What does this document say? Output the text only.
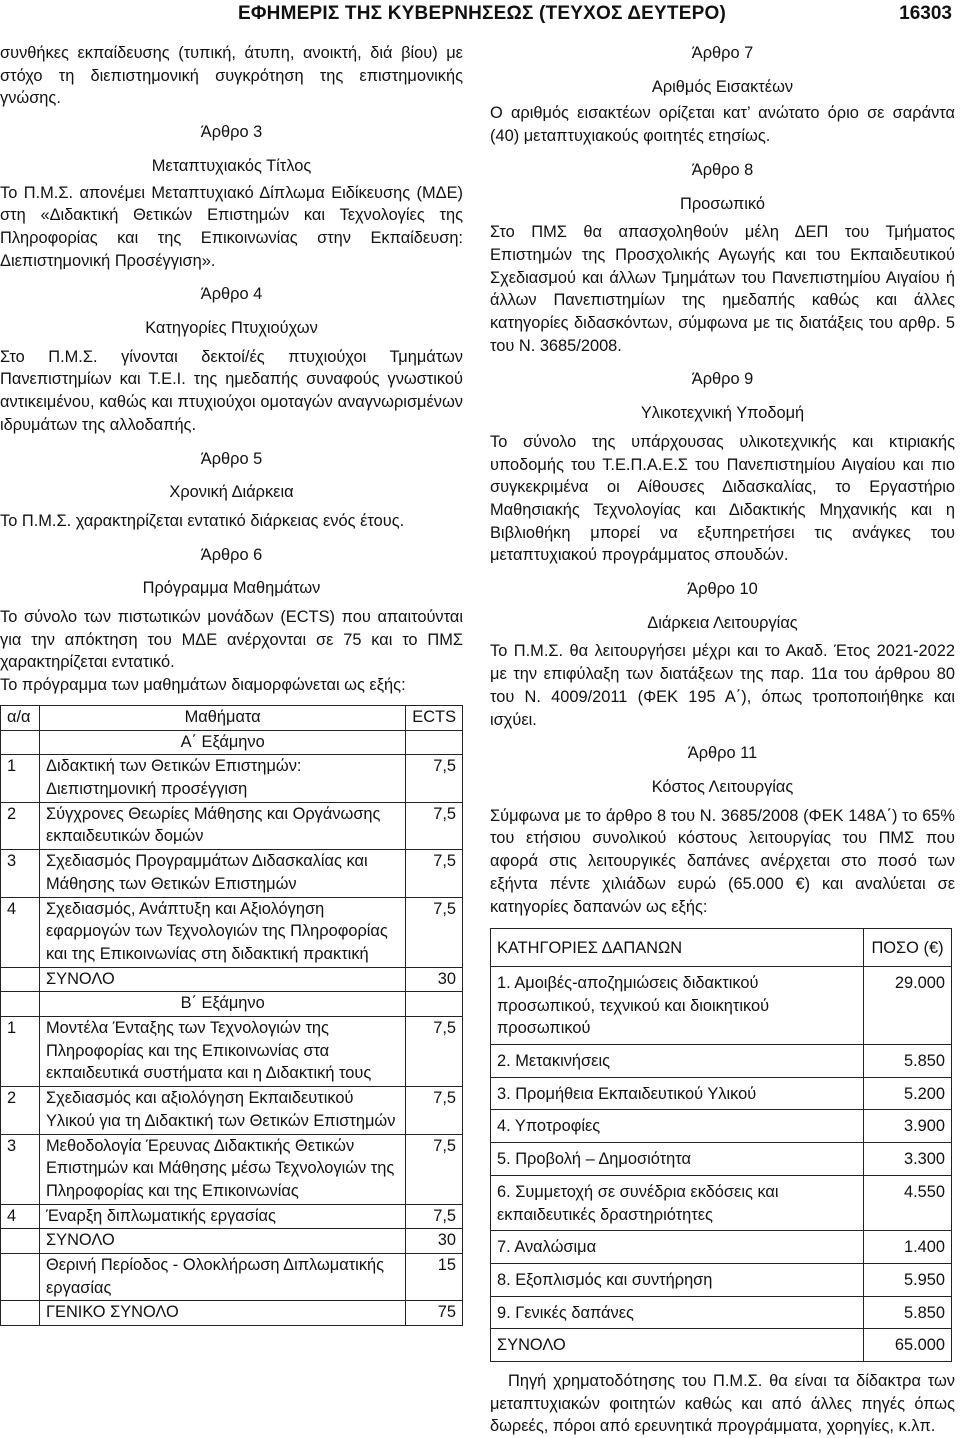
ΕΦΗΜΕΡΙΣ ΤΗΣ ΚΥΒΕΡΝΗΣΕΩΣ (ΤΕΥΧΟΣ ΔΕΥΤΕΡΟ)	16303

συνθήκες εκπαίδευσης (τυπική, άτυπη, ανοικτή, διά βίου) με στόχο τη διεπιστημονική συγκρότηση της επιστημονικής γνώσης.

Άρθρο 3

Μεταπτυχιακός Τίτλος

Το Π.Μ.Σ. απονέμει Μεταπτυχιακό Δίπλωμα Ειδίκευσης (ΜΔΕ) στη «Διδακτική Θετικών Επιστημών και Τεχνολογίες της Πληροφορίας και της Επικοινωνίας στην Εκπαίδευση: Διεπιστημονική Προσέγγιση».

Άρθρο 4

Κατηγορίες Πτυχιούχων

Στο Π.Μ.Σ. γίνονται δεκτοί/ές πτυχιούχοι Τμημάτων Πανεπιστημίων και Τ.Ε.Ι. της ημεδαπής συναφούς γνωστικού αντικειμένου, καθώς και πτυχιούχοι ομοταγών αναγνωρισμένων ιδρυμάτων της αλλοδαπής.

Άρθρο 5

Χρονική Διάρκεια

Το Π.Μ.Σ. χαρακτηρίζεται εντατικό διάρκειας ενός έτους.

Άρθρο 6

Πρόγραμμα Μαθημάτων

Το σύνολο των πιστωτικών μονάδων (ECTS) που απαιτούνται για την απόκτηση του ΜΔΕ ανέρχονται σε 75 και το ΠΜΣ χαρακτηρίζεται εντατικό.

Το πρόγραμμα των μαθημάτων διαμορφώνεται ως εξής:

α/α	Μαθήματα	ECTS
	Α΄ Εξάμηνο	
1	Διδακτική των Θετικών Επιστημών: Διεπιστημονική προσέγγιση	7,5
2	Σύγχρονες Θεωρίες Μάθησης και Οργάνωσης εκπαιδευτικών δομών	7,5
3	Σχεδιασμός Προγραμμάτων Διδασκαλίας και Μάθησης των Θετικών Επιστημών	7,5
4	Σχεδιασμός, Ανάπτυξη και Αξιολόγηση εφαρμογών των Τεχνολογιών της Πληροφορίας και της Επικοινωνίας στη διδακτική πρακτική	7,5
	ΣΥΝΟΛΟ	30
	Β΄ Εξάμηνο	
1	Μοντέλα Ένταξης των Τεχνολογιών της Πληροφορίας και της Επικοινωνίας στα εκπαιδευτικά συστήματα και η Διδακτική τους	7,5
2	Σχεδιασμός και αξιολόγηση Εκπαιδευτικού Υλικού για τη Διδακτική των Θετικών Επιστημών	7,5
3	Μεθοδολογία Έρευνας Διδακτικής Θετικών Επιστημών και Μάθησης μέσω Τεχνολογιών της Πληροφορίας και της Επικοινωνίας	7,5
4	Έναρξη διπλωματικής εργασίας	7,5
	ΣΥΝΟΛΟ	30
	Θερινή Περίοδος - Ολοκλήρωση Διπλωματικής εργασίας	15
	ΓΕΝΙΚΟ ΣΥΝΟΛΟ	75

Άρθρο 7

Αριθμός Εισακτέων

Ο αριθμός εισακτέων ορίζεται κατ’ ανώτατο όριο σε σαράντα (40) μεταπτυχιακούς φοιτητές ετησίως.

Άρθρο 8

Προσωπικό

Στο ΠΜΣ θα απασχοληθούν μέλη ΔΕΠ του Τμήματος Επιστημών της Προσχολικής Αγωγής και του Εκπαιδευτικού Σχεδιασμού και άλλων Τμημάτων του Πανεπιστημίου Αιγαίου ή άλλων Πανεπιστημίων της ημεδαπής καθώς και άλλες κατηγορίες διδασκόντων, σύμφωνα με τις διατάξεις του αρθρ. 5 του Ν. 3685/2008.

Άρθρο 9

Υλικοτεχνική Υποδομή

Το σύνολο της υπάρχουσας υλικοτεχνικής και κτιριακής υποδομής του Τ.Ε.Π.Α.Ε.Σ του Πανεπιστημίου Αιγαίου και πιο συγκεκριμένα οι Αίθουσες Διδασκαλίας, το Εργαστήριο Μαθησιακής Τεχνολογίας και Διδακτικής Μηχανικής και η Βιβλιοθήκη μπορεί να εξυπηρετήσει τις ανάγκες του μεταπτυχιακού προγράμματος σπουδών.

Άρθρο 10

Διάρκεια Λειτουργίας

Το Π.Μ.Σ. θα λειτουργήσει μέχρι και το Ακαδ. Έτος 2021-2022 με την επιφύλαξη των διατάξεων της παρ. 11α του άρθρου 80 του Ν. 4009/2011 (ΦΕΚ 195 Α΄), όπως τροποποιήθηκε και ισχύει.

Άρθρο 11

Κόστος Λειτουργίας

Σύμφωνα με το άρθρο 8 του Ν. 3685/2008 (ΦΕΚ 148Α΄) το 65% του ετήσιου συνολικού κόστους λειτουργίας του ΠΜΣ που αφορά στις λειτουργικές δαπάνες ανέρχεται στο ποσό των εξήντα πέντε χιλιάδων ευρώ (65.000 €) και αναλύεται σε κατηγορίες δαπανών ως εξής:

ΚΑΤΗΓΟΡΙΕΣ ΔΑΠΑΝΩΝ	ΠΟΣΟ (€)
1. Αμοιβές-αποζημιώσεις διδακτικού προσωπικού, τεχνικού και διοικητικού προσωπικού	29.000
2. Μετακινήσεις	5.850
3. Προμήθεια Εκπαιδευτικού Υλικού	5.200
4. Υποτροφίες	3.900
5. Προβολή – Δημοσιότητα	3.300
6. Συμμετοχή σε συνέδρια εκδόσεις και εκπαιδευτικές δραστηριότητες	4.550
7. Αναλώσιμα	1.400
8. Εξοπλισμός και συντήρηση	5.950
9. Γενικές δαπάνες	5.850
ΣΥΝΟΛΟ	65.000

Πηγή χρηματοδότησης του Π.Μ.Σ. θα είναι τα δίδακτρα των μεταπτυχιακών φοιτητών καθώς και από άλλες πηγές όπως δωρεές, πόροι από ερευνητικά προγράμματα, χορηγίες, κ.λπ.
